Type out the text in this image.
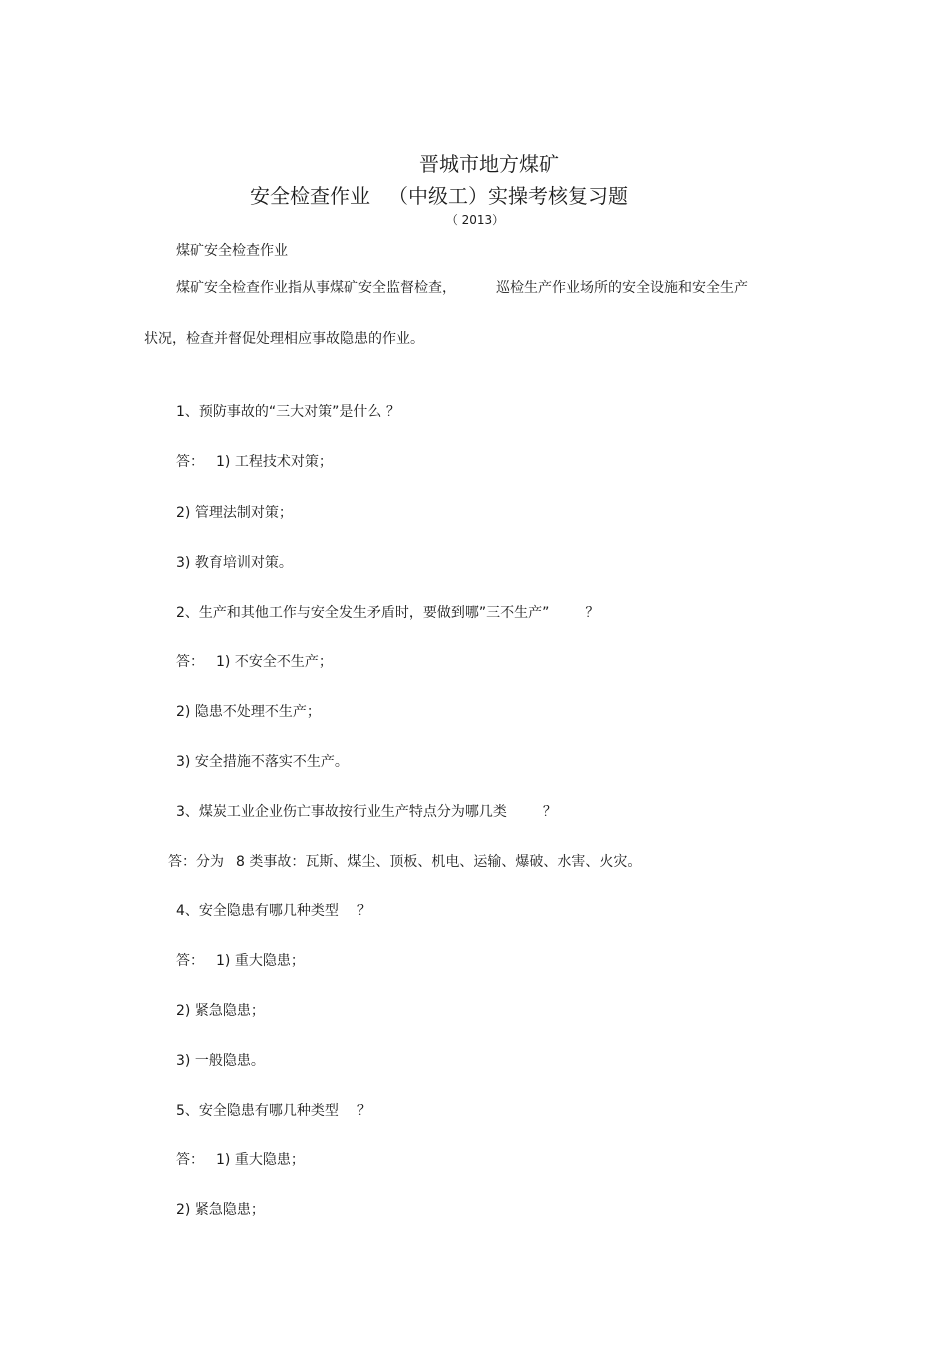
晋城市地方煤矿
安全检查作业 （中级工）实操考核复习题
（ 2013）
煤矿安全检查作业
煤矿安全检查作业指从事煤矿安全监督检查，	巡检生产作业场所的安全设施和安全生产
状况，检查并督促处理相应事故隐患的作业。
1、预防事故的“三大对策”是什么 ？
答： 1) 工程技术对策；
2) 管理法制对策；
3) 教育培训对策。
2、生产和其他工作与安全发生矛盾时，要做到哪”三不生产”	？
答： 1) 不安全不生产；
2) 隐患不处理不生产；
3) 安全措施不落实不生产。
3、煤炭工业企业伤亡事故按行业生产特点分为哪几类	？
答：分为 8 类事故：瓦斯、煤尘、顶板、机电、运输、爆破、水害、火灾。
4、安全隐患有哪几种类型 ？
答： 1) 重大隐患；
2) 紧急隐患；
3) 一般隐患。
5、安全隐患有哪几种类型 ？
答： 1) 重大隐患；
2) 紧急隐患；
